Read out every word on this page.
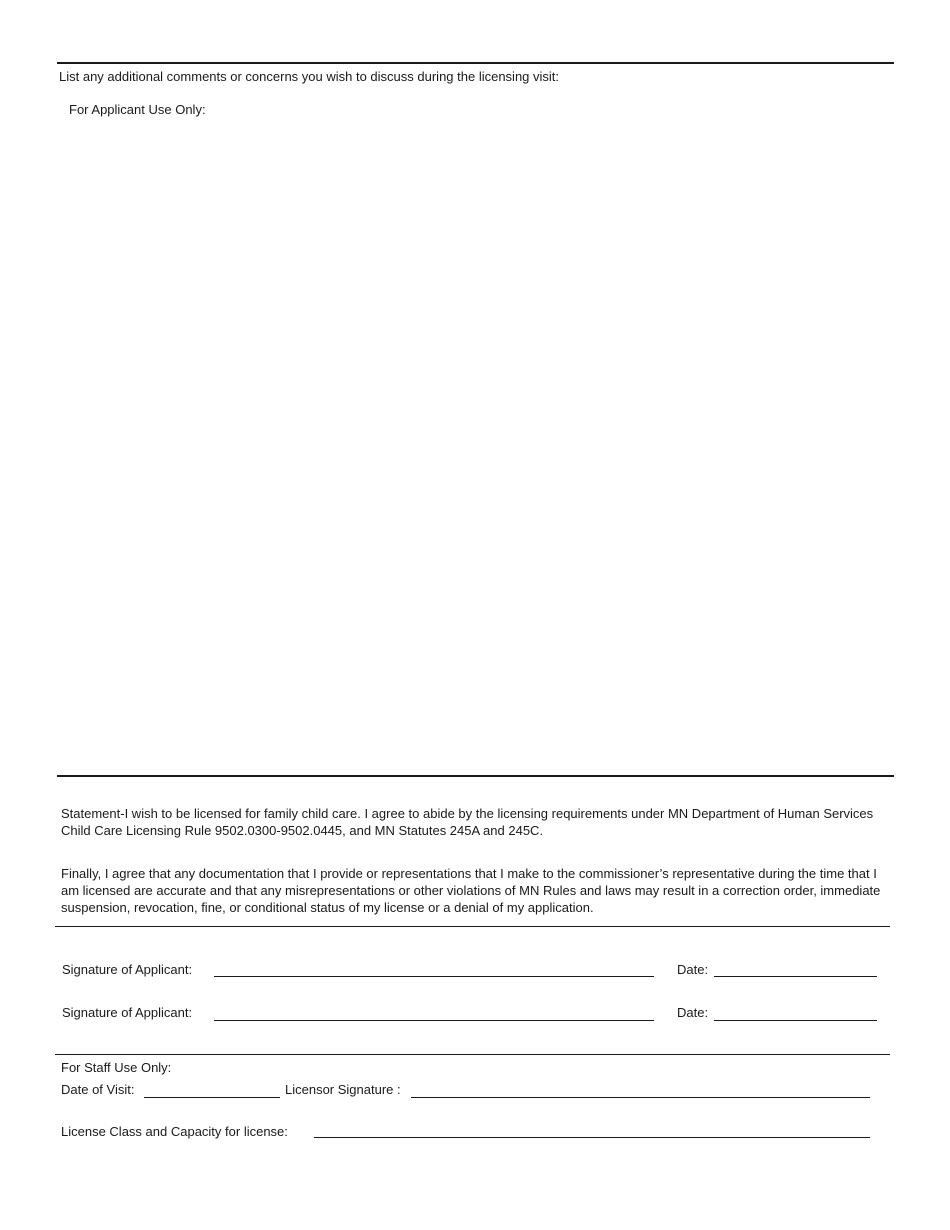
List any additional comments or concerns you wish to discuss during the licensing visit:
For Applicant Use Only:
Statement-I wish to be licensed for family child care. I agree to abide by the licensing requirements under MN Department of Human Services Child Care Licensing Rule 9502.0300-9502.0445, and MN Statutes 245A and 245C.
Finally, I agree that any documentation that I provide or representations that I make to the commissioner’s representative during the time that I am licensed are accurate and that any misrepresentations or other violations of MN Rules and laws may result in a correction order, immediate suspension, revocation, fine, or conditional status of my license or a denial of my application.
Signature of Applicant:	Date:
Signature of Applicant:	Date:
For Staff Use Only:
Date of Visit:	Licensor Signature :
License Class and Capacity for license:
